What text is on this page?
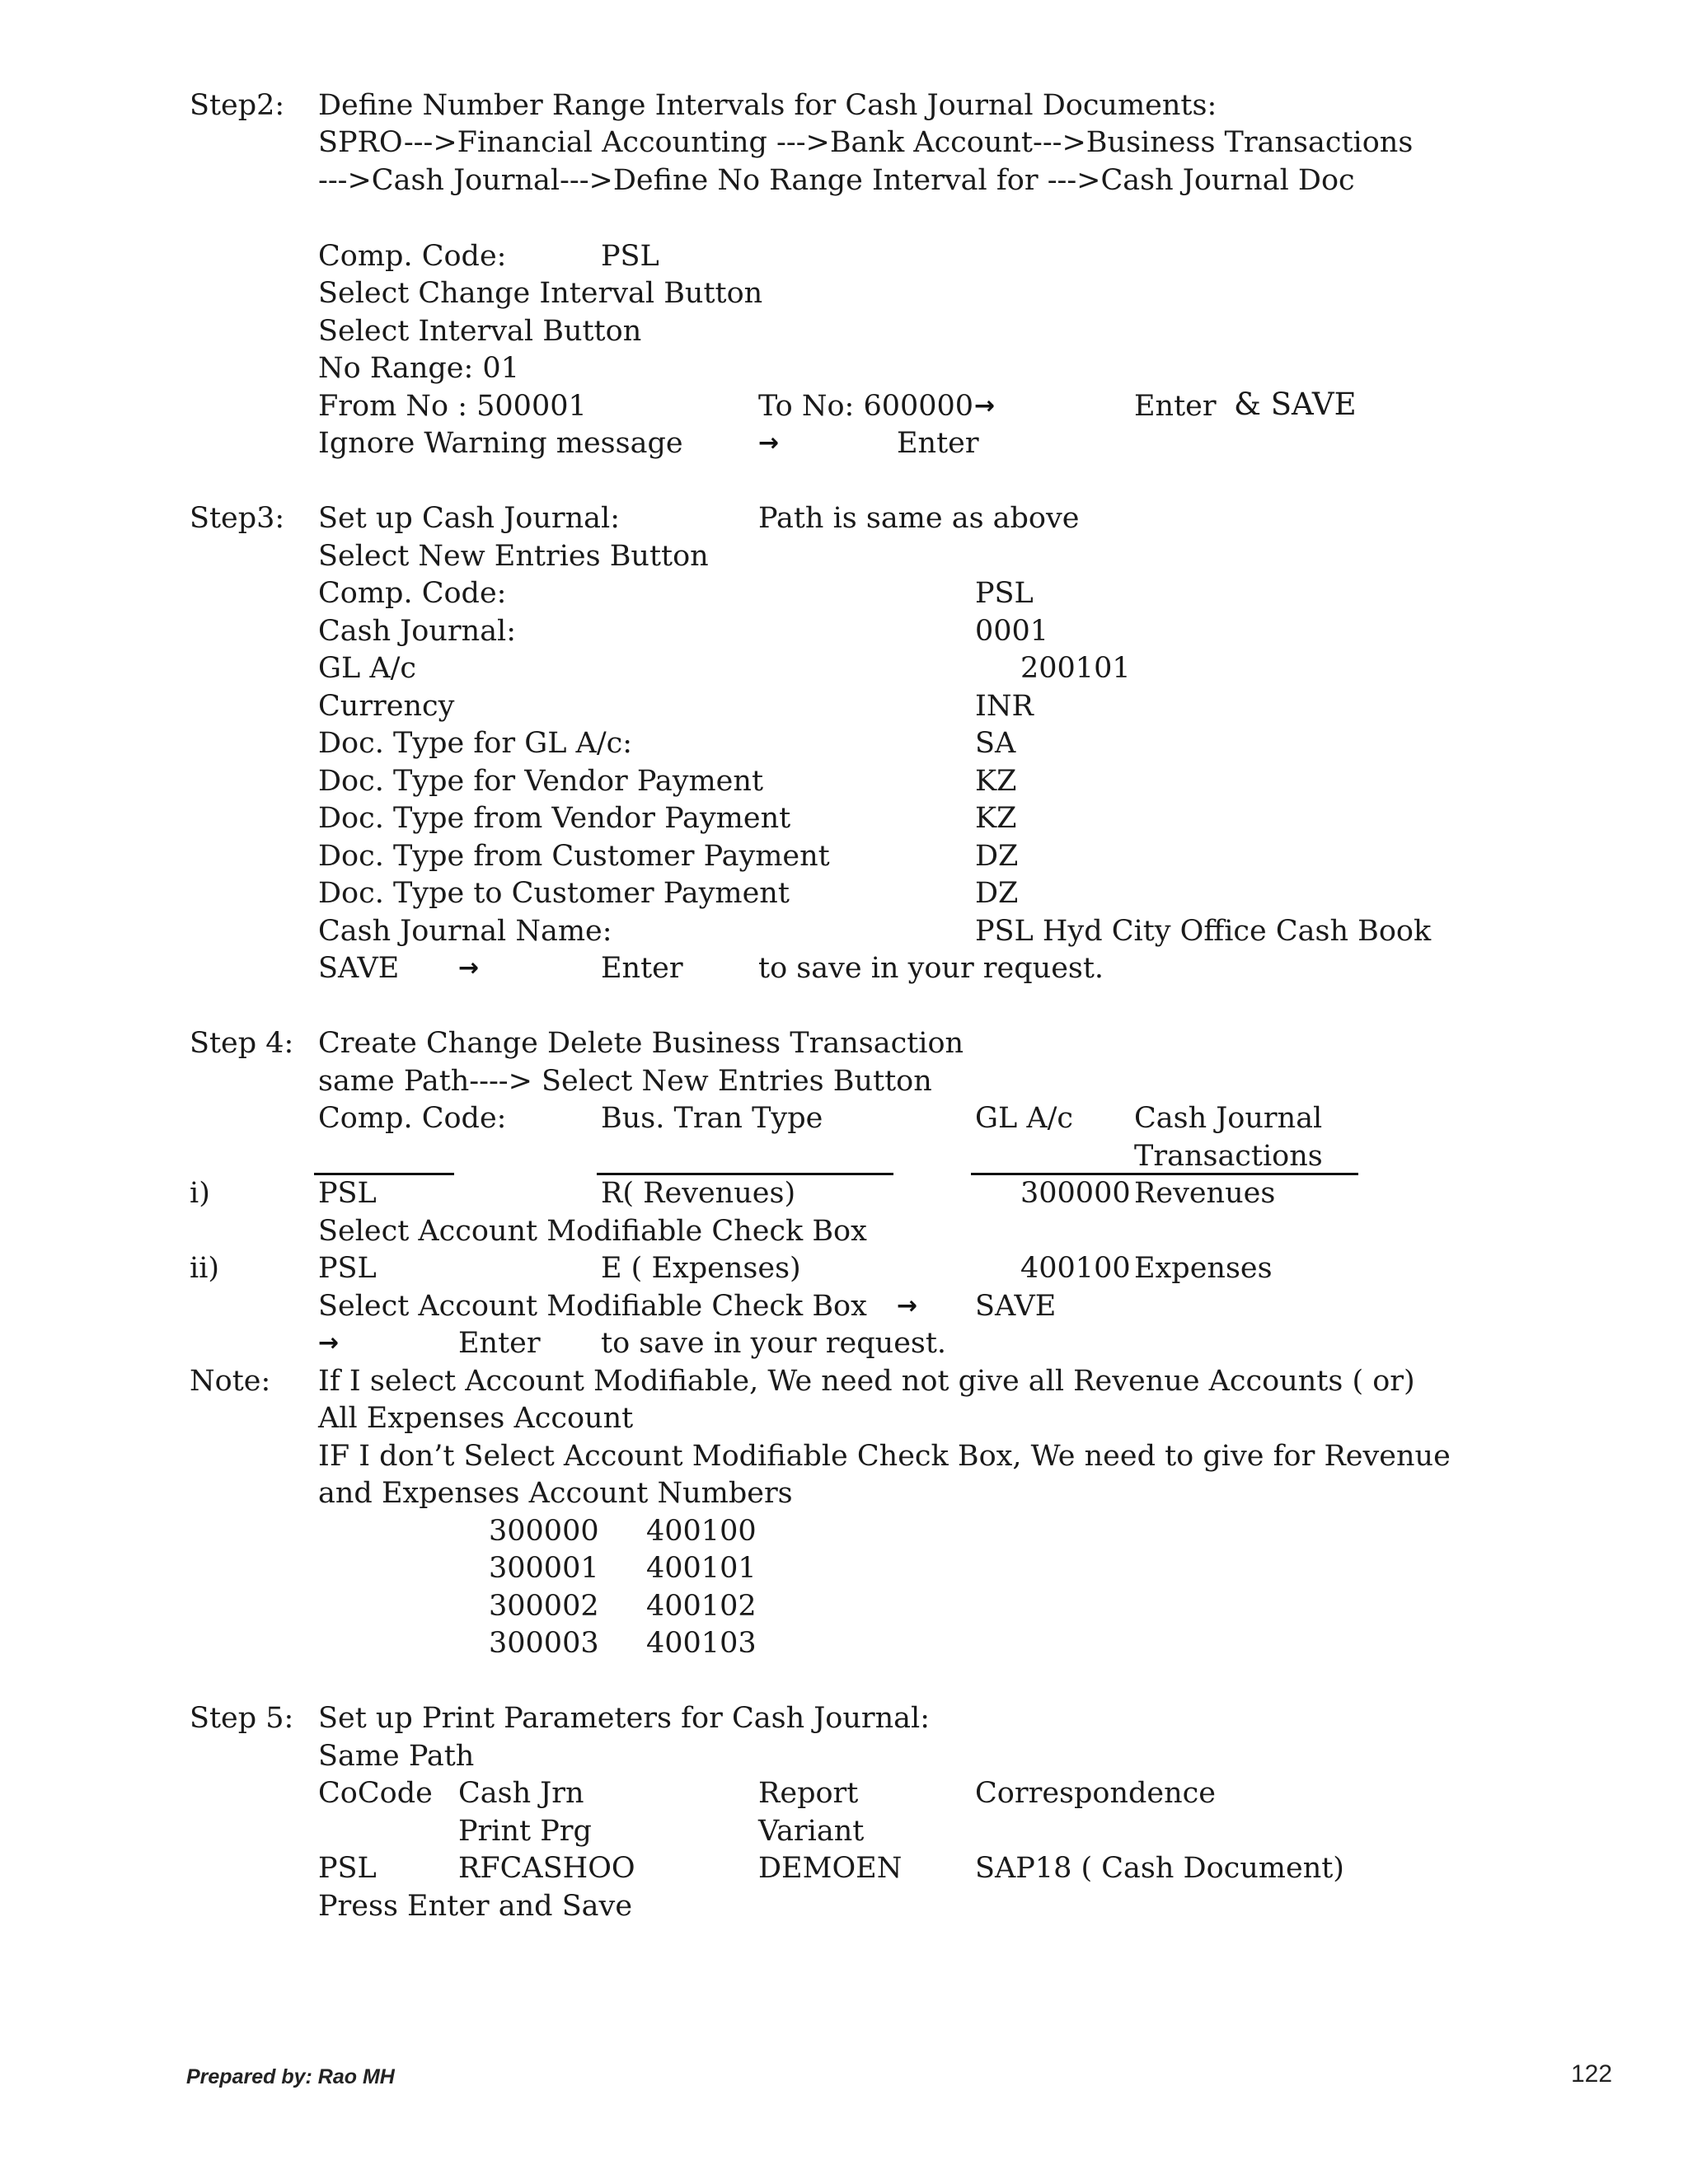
Step2: Define Number Range Intervals for Cash Journal Documents:
SPRO--->Financial Accounting --->Bank Account--->Business Transactions
--->Cash Journal--->Define No Range Interval for --->Cash Journal Doc
Comp. Code:	PSL
Select Change Interval Button
Select Interval Button
No Range: 01
From No : 500001	To No: 600000 →	Enter & SAVE
Ignore Warning message	→	Enter
Step3: Set up Cash Journal:	Path is same as above
Select New Entries Button
Comp. Code:	PSL
Cash Journal:	0001
GL A/c	200101
Currency	INR
Doc. Type for GL A/c:	SA
Doc. Type for Vendor Payment	KZ
Doc. Type from Vendor Payment	KZ
Doc. Type from Customer Payment	DZ
Doc. Type to Customer Payment	DZ
Cash Journal Name:	PSL Hyd City Office Cash Book
SAVE →	Enter	to save in your request.
Step 4: Create Change Delete Business Transaction
same Path----> Select New Entries Button
Comp. Code:	Bus. Tran Type	GL A/c Cash Journal
Transactions
i)	PSL	R( Revenues)	300000 Revenues
Select Account Modifiable Check Box
ii)	PSL	E ( Expenses)	400100 Expenses
Select Account Modifiable Check Box → SAVE
→	Enter to save in your request.
Note: If I select Account Modifiable, We need not give all Revenue Accounts ( or)
All Expenses Account
IF I don’t Select Account Modifiable Check Box, We need to give for Revenue
and Expenses Account Numbers
300000 400100
300001 400101
300002 400102
300003 400103
Step 5: Set up Print Parameters for Cash Journal:
Same Path
CoCode Cash Jrn	Report	Correspondence
Print Prg	Variant
PSL	RFCASHOO	DEMOEN	SAP18 ( Cash Document)
Press Enter and Save
Prepared by: Rao MH	122
